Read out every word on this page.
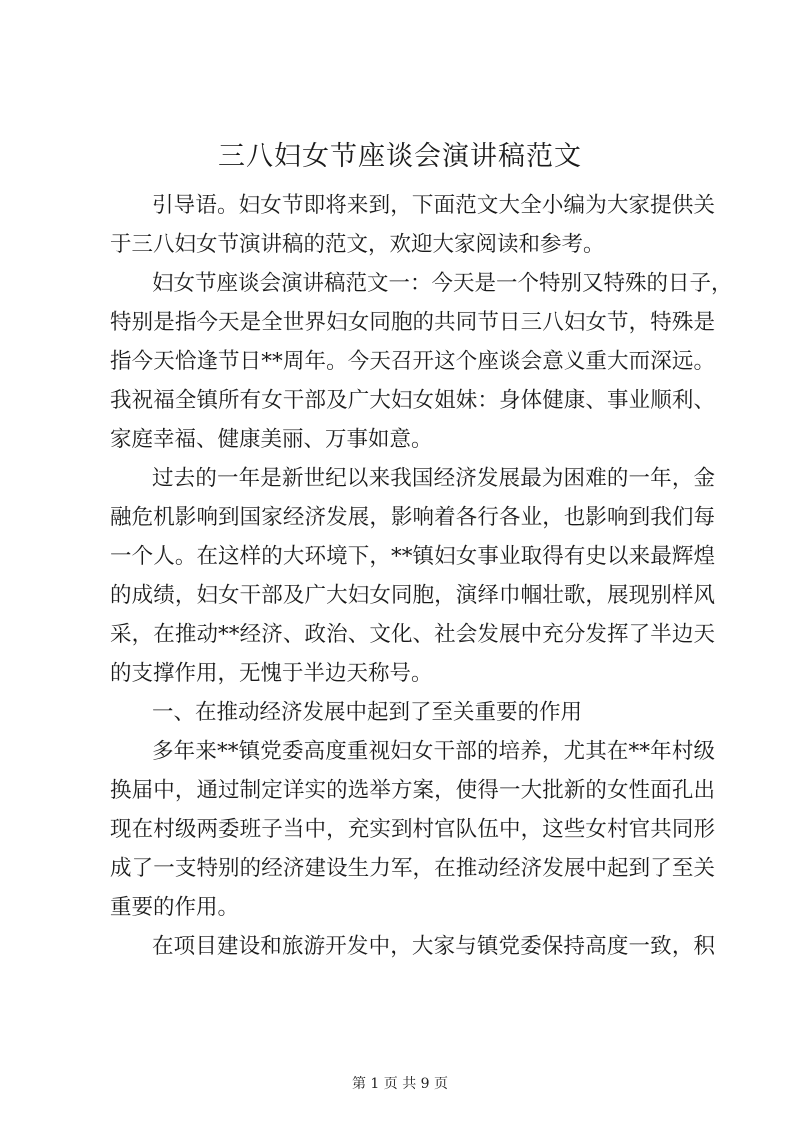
三八妇女节座谈会演讲稿范文
引导语。妇女节即将来到，下面范文大全小编为大家提供关
于三八妇女节演讲稿的范文，欢迎大家阅读和参考。
妇女节座谈会演讲稿范文一：今天是一个特别又特殊的日子，
特别是指今天是全世界妇女同胞的共同节日三八妇女节，特殊是
指今天恰逢节日**周年。今天召开这个座谈会意义重大而深远。
我祝福全镇所有女干部及广大妇女姐妹：身体健康、事业顺利、
家庭幸福、健康美丽、万事如意。
过去的一年是新世纪以来我国经济发展最为困难的一年，金
融危机影响到国家经济发展，影响着各行各业，也影响到我们每
一个人。在这样的大环境下，**镇妇女事业取得有史以来最辉煌
的成绩，妇女干部及广大妇女同胞，演绎巾帼壮歌，展现别样风
采，在推动**经济、政治、文化、社会发展中充分发挥了半边天
的支撑作用，无愧于半边天称号。
一、在推动经济发展中起到了至关重要的作用
多年来**镇党委高度重视妇女干部的培养，尤其在**年村级
换届中，通过制定详实的选举方案，使得一大批新的女性面孔出
现在村级两委班子当中，充实到村官队伍中，这些女村官共同形
成了一支特别的经济建设生力军，在推动经济发展中起到了至关
重要的作用。
在项目建设和旅游开发中，大家与镇党委保持高度一致，积
第 1 页 共 9 页
